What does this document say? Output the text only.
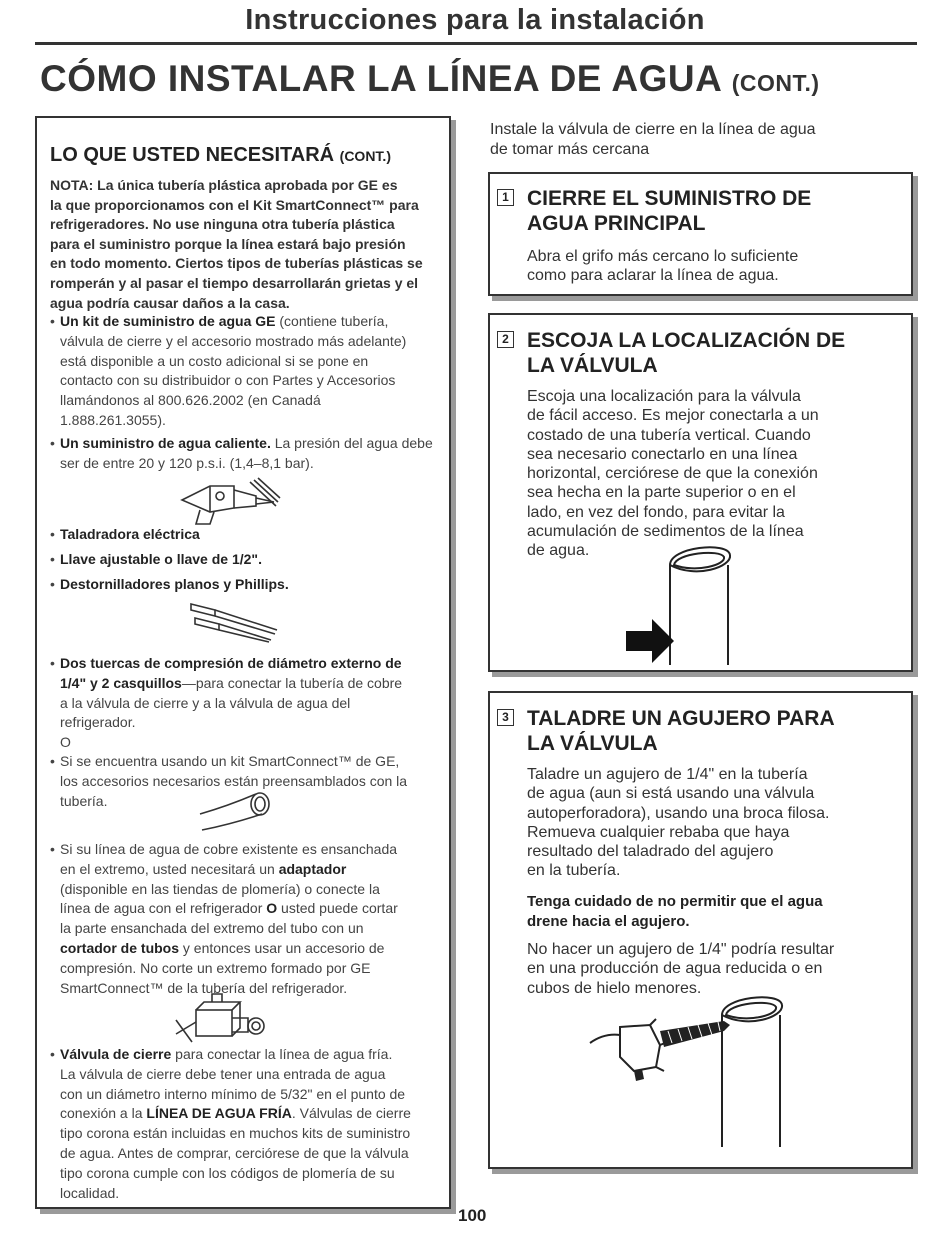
Instrucciones para la instalación
CÓMO INSTALAR LA LÍNEA DE AGUA (CONT.)
LO QUE USTED NECESITARÁ (CONT.)
NOTA: La única tubería plástica aprobada por GE es
la que proporcionamos con el Kit SmartConnect™ para
refrigeradores. No use ninguna otra tubería plástica
para el suministro porque la línea estará bajo presión
en todo momento. Ciertos tipos de tuberías plásticas se
romperán y al pasar el tiempo desarrollarán grietas y el
agua podría causar daños a la casa.
• Un kit de suministro de agua GE (contiene tubería,
válvula de cierre y el accesorio mostrado más adelante)
está disponible a un costo adicional si se pone en
contacto con su distribuidor o con Partes y Accesorios
llamándonos al 800.626.2002 (en Canadá
1.888.261.3055).
• Un suministro de agua caliente. La presión del agua debe
ser de entre 20 y 120 p.s.i. (1,4–8,1 bar).
• Taladradora eléctrica
• Llave ajustable o llave de 1/2".
• Destornilladores planos y Phillips.
• Dos tuercas de compresión de diámetro externo de
1/4" y 2 casquillos—para conectar la tubería de cobre
a la válvula de cierre y a la válvula de agua del
refrigerador.
O
• Si se encuentra usando un kit SmartConnect™ de GE,
los accesorios necesarios están preensamblados con la
tubería.
• Si su línea de agua de cobre existente es ensanchada
en el extremo, usted necesitará un adaptador
(disponible en las tiendas de plomería) o conecte la
línea de agua con el refrigerador O usted puede cortar
la parte ensanchada del extremo del tubo con un
cortador de tubos y entonces usar un accesorio de
compresión. No corte un extremo formado por GE
SmartConnect™ de la tubería del refrigerador.
• Válvula de cierre para conectar la línea de agua fría.
La válvula de cierre debe tener una entrada de agua
con un diámetro interno mínimo de 5/32" en el punto de
conexión a la LÍNEA DE AGUA FRÍA. Válvulas de cierre
tipo corona están incluidas en muchos kits de suministro
de agua. Antes de comprar, cerciórese de que la válvula
tipo corona cumple con los códigos de plomería de su
localidad.
Instale la válvula de cierre en la línea de agua
de tomar más cercana
1 CIERRE EL SUMINISTRO DE
AGUA PRINCIPAL
Abra el grifo más cercano lo suficiente
como para aclarar la línea de agua.
2 ESCOJA LA LOCALIZACIÓN DE
LA VÁLVULA
Escoja una localización para la válvula
de fácil acceso. Es mejor conectarla a un
costado de una tubería vertical. Cuando
sea necesario conectarlo en una línea
horizontal, cerciórese de que la conexión
sea hecha en la parte superior o en el
lado, en vez del fondo, para evitar la
acumulación de sedimentos de la línea
de agua.
3 TALADRE UN AGUJERO PARA
LA VÁLVULA
Taladre un agujero de 1/4" en la tubería
de agua (aun si está usando una válvula
autoperforadora), usando una broca filosa.
Remueva cualquier rebaba que haya
resultado del taladrado del agujero
en la tubería.
Tenga cuidado de no permitir que el agua
drene hacia el agujero.
No hacer un agujero de 1/4" podría resultar
en una producción de agua reducida o en
cubos de hielo menores.
100
